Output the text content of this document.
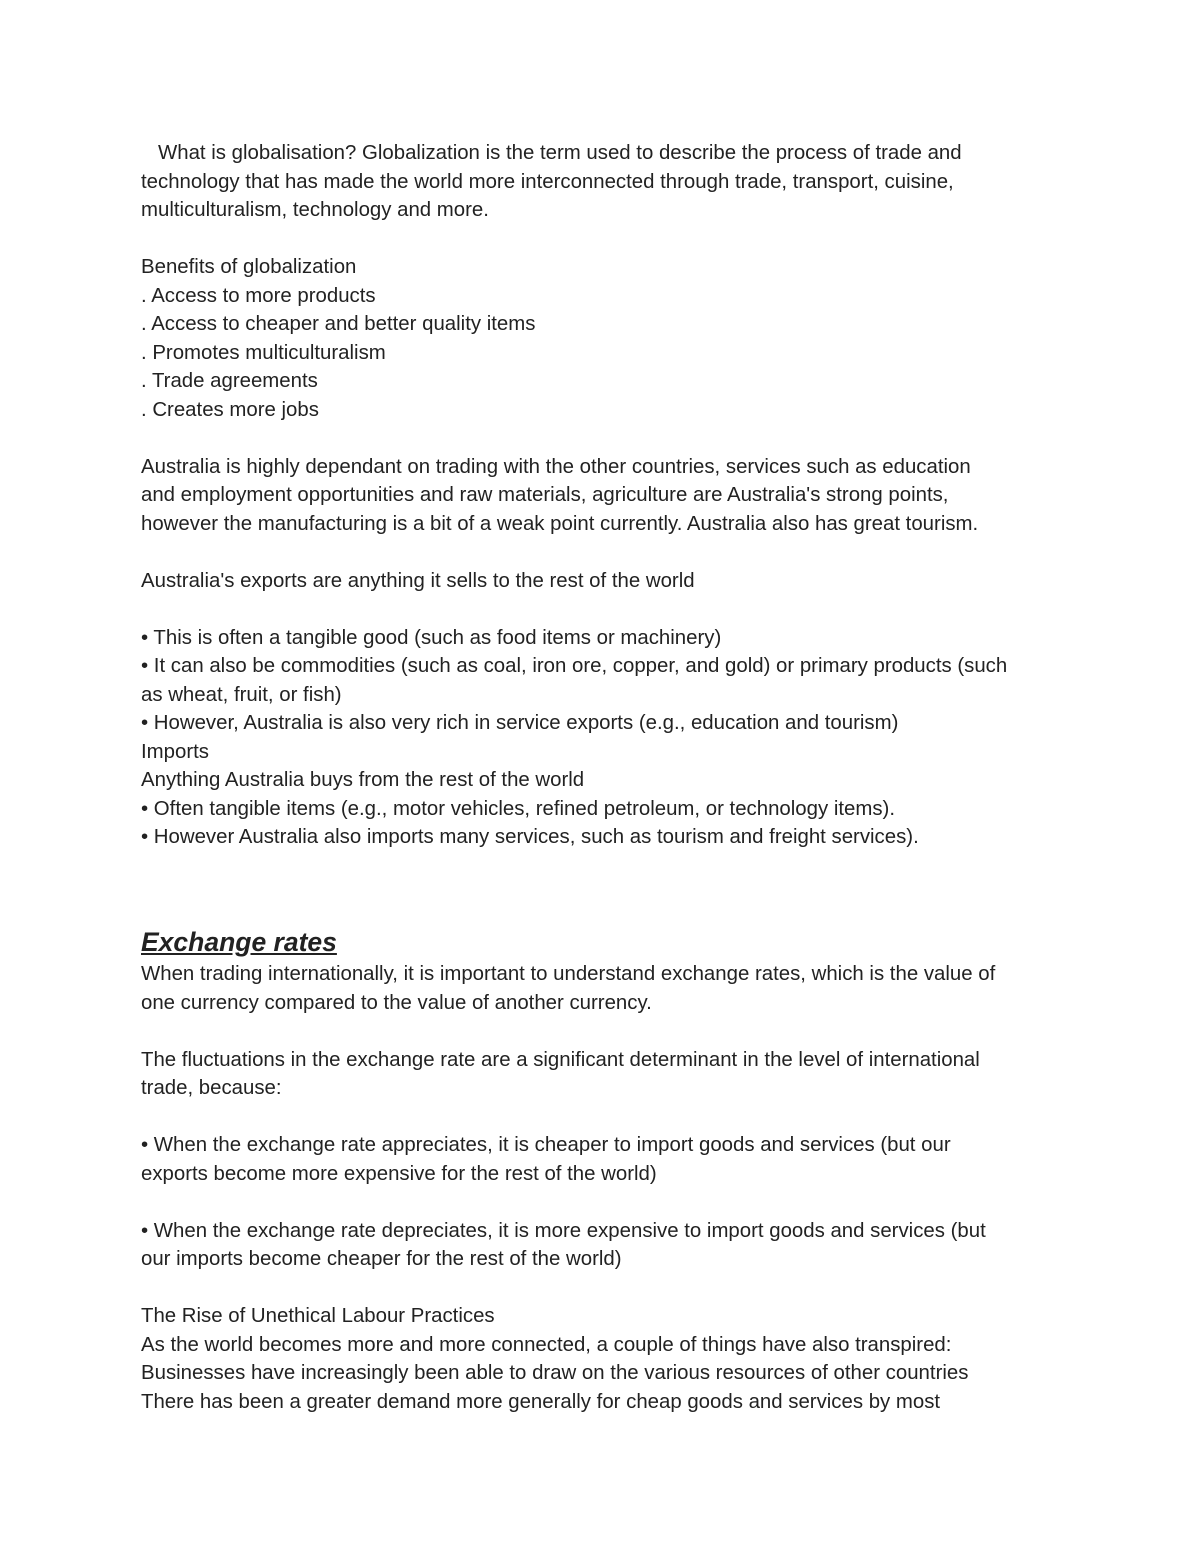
What is globalisation? Globalization is the term used to describe the process of trade and

technology that has made the world more interconnected through trade, transport, cuisine,

multiculturalism, technology and more.

Benefits of globalization

. Access to more products

. Access to cheaper and better quality items

. Promotes multiculturalism

. Trade agreements

. Creates more jobs

Australia is highly dependant on trading with the other countries, services such as education

and employment opportunities and raw materials, agriculture are Australia's strong points,

however the manufacturing is a bit of a weak point currently. Australia also has great tourism.

Australia's exports are anything it sells to the rest of the world

• This is often a tangible good (such as food items or machinery)

• It can also be commodities (such as coal, iron ore, copper, and gold) or primary products (such

as wheat, fruit, or fish)

• However, Australia is also very rich in service exports (e.g., education and tourism)

Imports

Anything Australia buys from the rest of the world

• Often tangible items (e.g., motor vehicles, refined petroleum, or technology items).

• However Australia also imports many services, such as tourism and freight services).

Exchange rates

When trading internationally, it is important to understand exchange rates, which is the value of

one currency compared to the value of another currency.

The fluctuations in the exchange rate are a significant determinant in the level of international

trade, because:

• When the exchange rate appreciates, it is cheaper to import goods and services (but our

exports become more expensive for the rest of the world)

• When the exchange rate depreciates, it is more expensive to import goods and services (but

our imports become cheaper for the rest of the world)

The Rise of Unethical Labour Practices

As the world becomes more and more connected, a couple of things have also transpired:

Businesses have increasingly been able to draw on the various resources of other countries

There has been a greater demand more generally for cheap goods and services by most
